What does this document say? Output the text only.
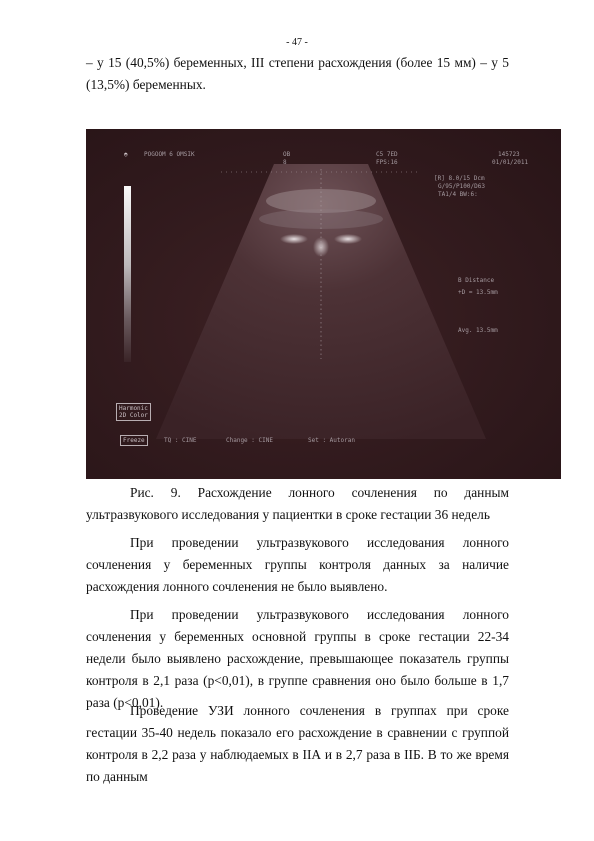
- 47 -

– у 15 (40,5%) беременных, III степени расхождения (более 15 мм) – у 5 (13,5%) беременных.

◓	POGOOM 6 OMSIK	OB
8
C5 7ED
FPS:16
145723
01/01/2011
[R] 8.0/15 Dcm
G/95/P100/D63
TA1/4 BW:6:
B Distance
+D = 13.5mm
Avg. 13.5mm
Harmonic
2D Color
Freeze	TQ : CINE	Change : CINE	Set : Autoran

Рис. 9. Расхождение лонного сочленения по данным ультразвукового исследования у пациентки в сроке гестации 36 недель

При проведении ультразвукового исследования лонного сочленения у беременных группы контроля данных за наличие расхождения лонного сочленения не было выявлено.

При проведении ультразвукового исследования лонного сочленения у беременных основной группы в сроке гестации 22-34 недели было выявлено расхождение, превышающее показатель группы контроля в 2,1 раза (р<0,01), в группе сравнения оно было больше в 1,7 раза (р<0,01).

Проведение УЗИ лонного сочленения в группах при сроке гестации 35-40 недель показало его расхождение в сравнении с группой контроля в 2,2 раза у наблюдаемых в IIА и в 2,7 раза в IIБ. В то же время по данным
